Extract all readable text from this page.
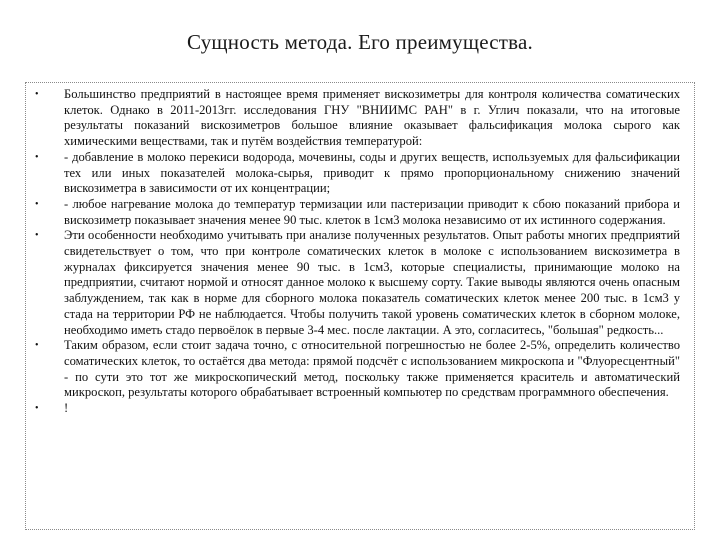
Сущность метода. Его преимущества.
• Большинство предприятий в настоящее время применяет вискозиметры для контроля количества соматических клеток. Однако в 2011-2013гг. исследования ГНУ "ВНИИМС РАН" в г. Углич показали, что на итоговые результаты показаний вискозиметров большое влияние оказывает фальсификация молока сырого как химическими веществами, так и путём воздействия температурой:
• - добавление в молоко перекиси водорода, мочевины, соды и других веществ, используемых для фальсификации тех или иных показателей молока-сырья, приводит к прямо пропорциональному снижению значений вискозиметра в зависимости от их концентрации;
• - любое нагревание молока до температур термизации или пастеризации приводит к сбою показаний прибора и вискозиметр показывает значения менее 90 тыс. клеток в 1см3 молока независимо от их истинного содержания.
• Эти особенности необходимо учитывать при анализе полученных результатов. Опыт работы многих предприятий свидетельствует о том, что при контроле соматических клеток в молоке с использованием вискозиметра в журналах фиксируется значения менее 90 тыс. в 1см3, которые специалисты, принимающие молоко на предприятии, считают нормой и относят данное молоко к высшему сорту. Такие выводы являются очень опасным заблуждением, так как в норме для сборного молока показатель соматических клеток менее 200 тыс. в 1см3 у стада на территории РФ не наблюдается. Чтобы получить такой уровень соматических клеток в сборном молоке, необходимо иметь стадо первоёлок в первые 3-4 мес. после лактации. А это, согласитесь, "большая" редкость...
• Таким образом, если стоит задача точно, с относительной погрешностью не более 2-5%, определить количество соматических клеток, то остаётся два метода: прямой подсчёт с использованием микроскопа и "Флуоресцентный" - по сути это тот же микроскопический метод, поскольку также применяется краситель и автоматический микроскоп, результаты которого обрабатывает встроенный компьютер по средствам программного обеспечения.
• !
